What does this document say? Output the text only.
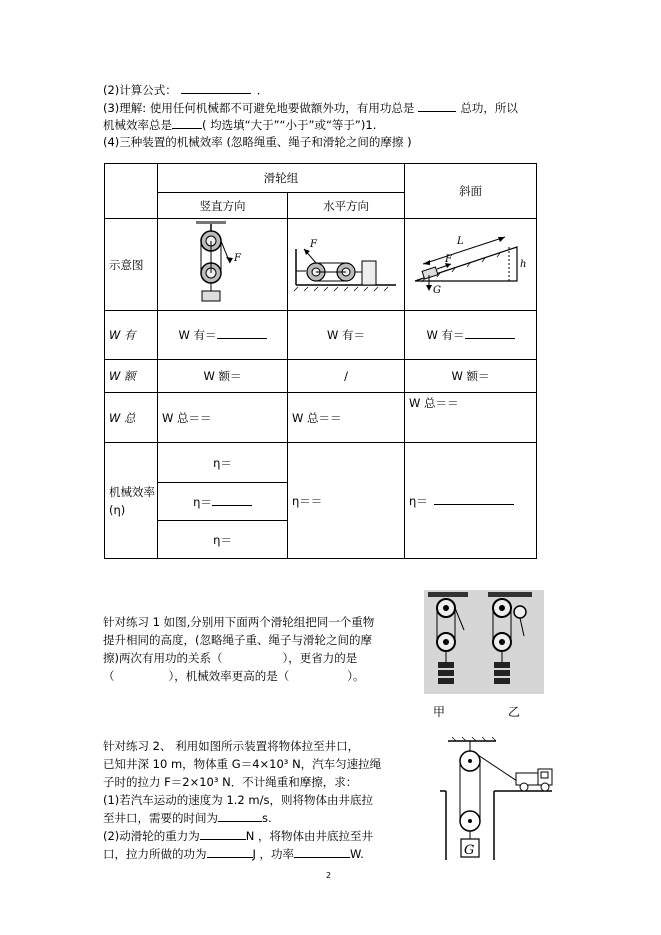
(2)计算公式：	．
(3)理解: 使用任何机械都不可避免地要做额外功，有用功总是	总功，所以
机械效率总是	( 均选填“大于”“小于”或“等于”)1.
(4)三种装置的机械效率 (忽略绳重、绳子和滑轮之间的摩擦 )
	滑轮组		斜面
	竖直方向	水平方向	
示意图	F	F	L
F
G
h

W 有	W 有＝	W 有＝	W 有＝
W 额	W 额＝	/	W 额＝
W 总	W 总＝＝	W 总＝＝	W 总＝＝
机械效率(η)	η＝	η＝＝	η＝
	η＝		
	η＝		
针对练习 1 如图,分别用下面两个滑轮组把同一个重物
提升相同的高度，(忽略绳子重、绳子与滑轮之间的摩
擦)两次有用功的关系（	），更省力的是
（	），机械效率更高的是（	）。
甲	乙
针对练习 2、 利用如图所示装置将物体拉至井口，
已知井深 10 m，物体重 G＝4×10³ N，汽车匀速拉绳
子时的拉力 F＝2×10³ N．不计绳重和摩擦，求：
(1)若汽车运动的速度为 1.2 m/s，则将物体由井底拉
至井口，需要的时间为	s.
(2)动滑轮的重力为	N ，将物体由井底拉至井
口，拉力所做的功为	J ，功率	W.	G
2
